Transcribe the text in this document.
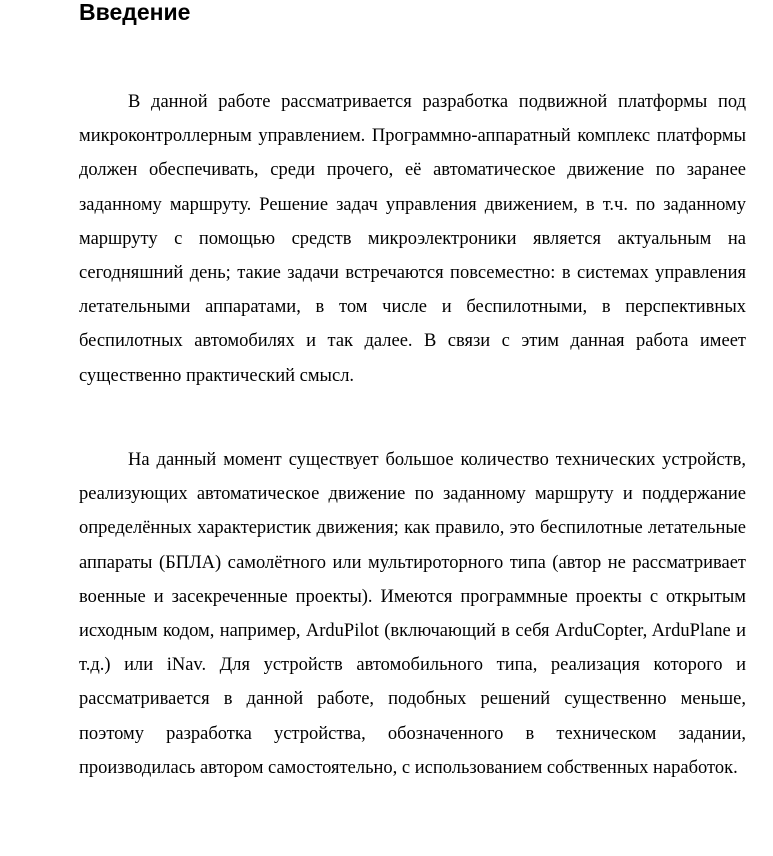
Введение

В данной работе рассматривается разработка подвижной платформы под микроконтроллерным управлением. Программно-аппаратный комплекс платформы должен обеспечивать, среди прочего, её автоматическое движение по заранее заданному маршруту. Решение задач управления движением, в т.ч. по заданному маршруту с помощью средств микроэлектроники является актуальным на сегодняшний день; такие задачи встречаются повсеместно: в системах управления летательными аппаратами, в том числе и беспилотными, в перспективных беспилотных автомобилях и так далее. В связи с этим данная работа имеет существенно практический смысл.

На данный момент существует большое количество технических устройств, реализующих автоматическое движение по заданному маршруту и поддержание определённых характеристик движения; как правило, это беспилотные летательные аппараты (БПЛА) самолётного или мультироторного типа (автор не рассматривает военные и засекреченные проекты). Имеются программные проекты с открытым исходным кодом, например, ArduPilot (включающий в себя ArduCopter, ArduPlane и т.д.) или iNav. Для устройств автомобильного типа, реализация которого и рассматривается в данной работе, подобных решений существенно меньше, поэтому разработка устройства, обозначенного в техническом задании, производилась автором самостоятельно, с использованием собственных наработок.
